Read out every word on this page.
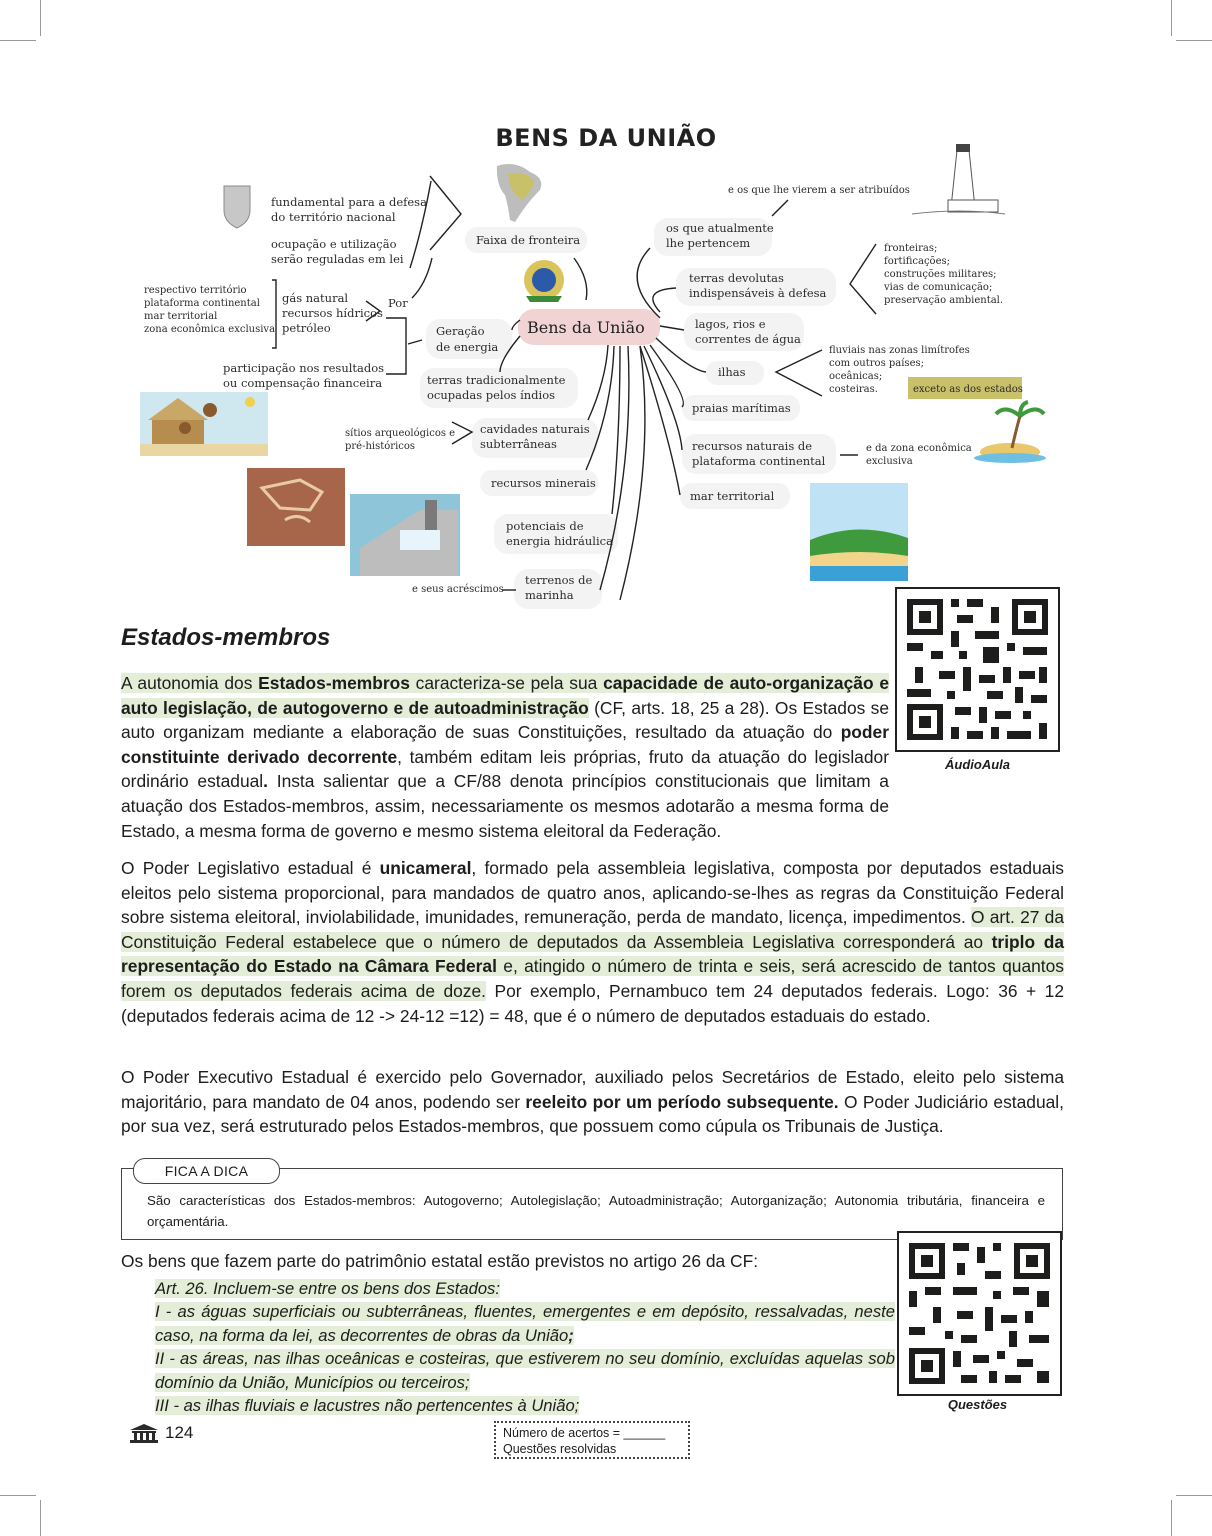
BENS DA UNIÃO
fundamental para a defesa
do território nacional
ocupação e utilização
serão reguladas em lei
Faixa de fronteira
Bens da União
Geração
de energia
Por
gás natural
recursos hídricos
petróleo
respectivo território
plataforma continental
mar territorial
zona econômica exclusiva
participação nos resultados
ou compensação financeira	terras tradicionalmente
ocupadas pelos índios
sítios arqueológicos e
pré-históricos
cavidades naturais
subterrâneas
recursos minerais
potenciais de
energia hidráulica
terrenos de
marinha
e seus acréscimos
e os que lhe vierem a ser atribuídos
os que atualmente
lhe pertencem
terras devolutas
indispensáveis à defesa
fronteiras;
fortificações;
construções militares;
vias de comunicação;
preservação ambiental.
lagos, rios e
correntes de água
ilhas
fluviais nas zonas limítrofes
com outros países;
oceânicas;
costeiras.	exceto as dos estados
praias marítimas
recursos naturais de
plataforma continental
e da zona econômica
exclusiva
mar territorial
Estados-membros
ÁudioAula

A autonomia dos Estados-membros caracteriza-se pela sua capacidade de auto-organização e auto legislação, de autogoverno e de autoadministração (CF, arts. 18, 25 a 28). Os Estados se auto organizam mediante a elaboração de suas Constituições, resultado da atuação do poder constituinte derivado decorrente, também editam leis próprias, fruto da atuação do legislador ordinário estadual. Insta salientar que a CF/88 denota princípios constitucionais que limitam a atuação dos Estados-membros, assim, necessariamente os mesmos adotarão a mesma forma de Estado, a mesma forma de governo e mesmo sistema eleitoral da Federação.

O Poder Legislativo estadual é unicameral, formado pela assembleia legislativa, composta por deputados estaduais eleitos pelo sistema proporcional, para mandados de quatro anos, aplicando-se-lhes as regras da Constituição Federal sobre sistema eleitoral, inviolabilidade, imunidades, remuneração, perda de mandato, licença, impedimentos. O art. 27 da Constituição Federal estabelece que o número de deputados da Assembleia Legislativa corresponderá ao triplo da representação do Estado na Câmara Federal e, atingido o número de trinta e seis, será acrescido de tantos quantos forem os deputados federais acima de doze. Por exemplo, Pernambuco tem 24 deputados federais. Logo: 36 + 12 (deputados federais acima de 12 -> 24-12 =12) = 48, que é o número de deputados estaduais do estado.

O Poder Executivo Estadual é exercido pelo Governador, auxiliado pelos Secretários de Estado, eleito pelo sistema majoritário, para mandato de 04 anos, podendo ser reeleito por um período subsequente. O Poder Judiciário estadual, por sua vez, será estruturado pelos Estados-membros, que possuem como cúpula os Tribunais de Justiça.

FICA A DICA

São características dos Estados-membros: Autogoverno; Autolegislação; Autoadministração; Autorganização; Autonomia tributária, financeira e orçamentária.

Os bens que fazem parte do patrimônio estatal estão previstos no artigo 26 da CF:

Questões
Art. 26. Incluem-se entre os bens dos Estados:
I - as águas superficiais ou subterrâneas, fluentes, emergentes e em depósito, ressalvadas, neste caso, na forma da lei, as decorrentes de obras da União;
II - as áreas, nas ilhas oceânicas e costeiras, que estiverem no seu domínio, excluídas aquelas sob domínio da União, Municípios ou terceiros;
III - as ilhas fluviais e lacustres não pertencentes à União;
124	Número de acertos = ______
Questões resolvidas
